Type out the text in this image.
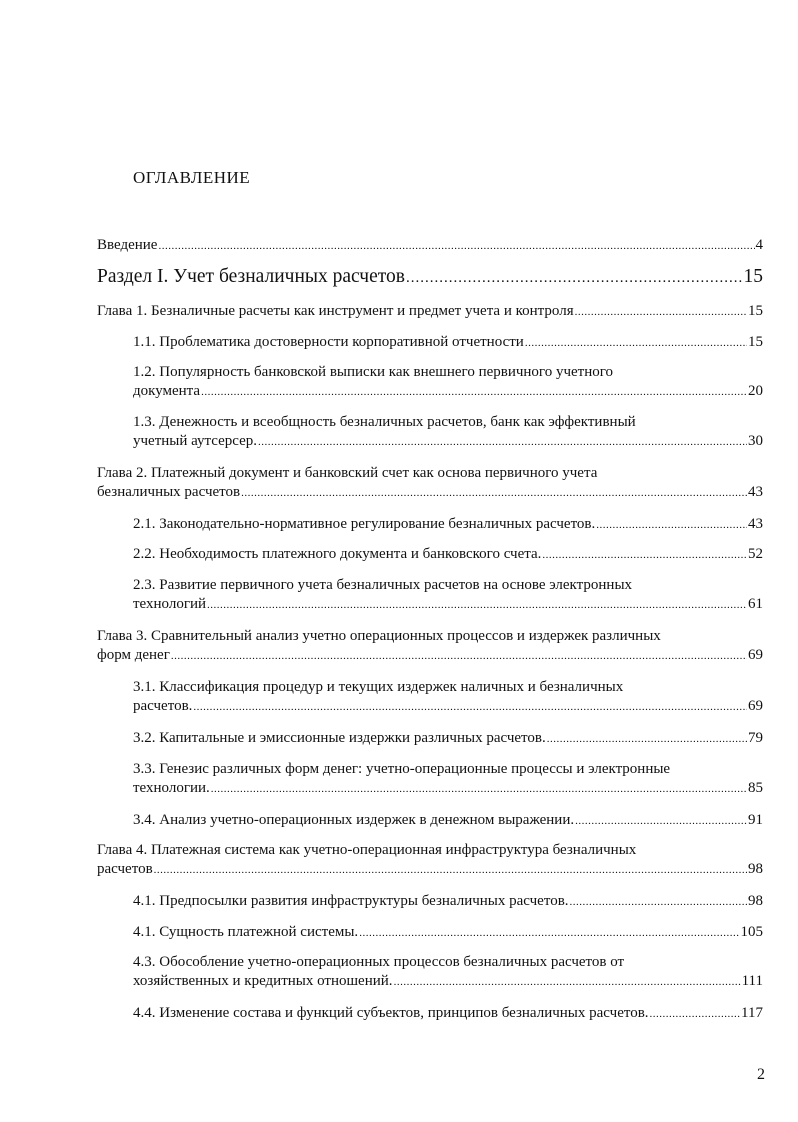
ОГЛАВЛЕНИЕ
Введение .....	4
Раздел I. Учет безналичных расчетов .....	15
Глава 1. Безналичные расчеты как инструмент и предмет учета и контроля .....	15
1.1. Проблематика достоверности корпоративной отчетности .....	15
1.2. Популярность банковской выписки как внешнего первичного учетного
документа .....	20
1.3. Денежность и всеобщность безналичных расчетов, банк как эффективный
учетный аутсерсер. .....	30
Глава 2. Платежный документ и банковский счет как основа первичного учета
безналичных расчетов .....	43
2.1. Законодательно-нормативное регулирование безналичных расчетов. .....	43
2.2. Необходимость платежного документа и банковского счета. .....	52
2.3. Развитие первичного учета безналичных расчетов на основе электронных
технологий .....	61
Глава 3. Сравнительный анализ учетно операционных процессов и издержек различных
форм денег .....	69
3.1. Классификация процедур и текущих издержек наличных и безналичных
расчетов. .....	69
3.2. Капитальные и эмиссионные издержки различных расчетов. .....	79
3.3. Генезис различных форм денег: учетно-операционные процессы и электронные
технологии. .....	85
3.4. Анализ учетно-операционных издержек в денежном выражении. .....	91
Глава 4. Платежная система как учетно-операционная инфраструктура безналичных
расчетов .....	98
4.1. Предпосылки развития инфраструктуры безналичных расчетов. .....	98
4.1. Сущность платежной системы. .....	105
4.3. Обособление учетно-операционных процессов безналичных расчетов от
хозяйственных и кредитных отношений. .....	111
4.4. Изменение состава и функций субъектов, принципов безналичных расчетов. .....	117
2
